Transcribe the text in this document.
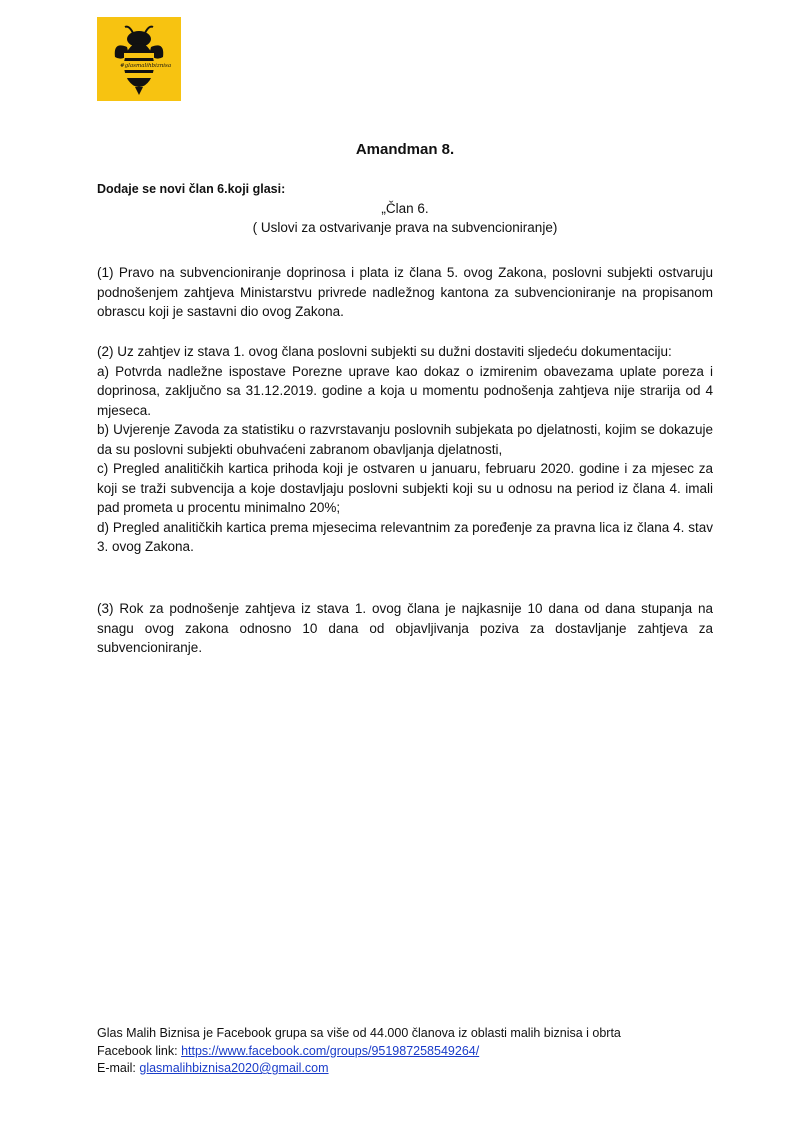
#glasmalihbiznisa
Amandman 8.
Dodaje se novi član 6.koji glasi:
„Član 6.
( Uslovi za ostvarivanje prava na subvencioniranje)

(1) Pravo na subvencioniranje doprinosa i plata iz člana 5. ovog Zakona, poslovni subjekti ostvaruju podnošenjem zahtjeva Ministarstvu privrede nadležnog kantona za subvencioniranje na propisanom obrascu koji je sastavni dio ovog Zakona.

(2) Uz zahtjev iz stava 1. ovog člana poslovni subjekti su dužni dostaviti sljedeću dokumentaciju:

a) Potvrda nadležne ispostave Porezne uprave kao dokaz o izmirenim obavezama uplate poreza i doprinosa, zaključno sa 31.12.2019. godine a koja u momentu podnošenja zahtjeva nije strarija od 4 mjeseca.

b) Uvjerenje Zavoda za statistiku o razvrstavanju poslovnih subjekata po djelatnosti, kojim se dokazuje da su poslovni subjekti obuhvaćeni zabranom obavljanja djelatnosti,

c) Pregled analitičkih kartica prihoda koji je ostvaren u januaru, februaru 2020. godine i za mjesec za koji se traži subvencija a koje dostavljaju poslovni subjekti koji su u odnosu na period iz člana 4. imali pad prometa u procentu minimalno 20%;

d) Pregled analitičkih kartica prema mjesecima relevantnim za poređenje za pravna lica iz člana 4. stav 3. ovog Zakona.

(3) Rok za podnošenje zahtjeva iz stava 1. ovog člana je najkasnije 10 dana od dana stupanja na snagu ovog zakona odnosno 10 dana od objavljivanja poziva za dostavljanje zahtjeva za subvencioniranje.

Glas Malih Biznisa je Facebook grupa sa više od 44.000 članova iz oblasti malih biznisa i obrta
Facebook link: https://www.facebook.com/groups/951987258549264/
E-mail: glasmalihbiznisa2020@gmail.com
